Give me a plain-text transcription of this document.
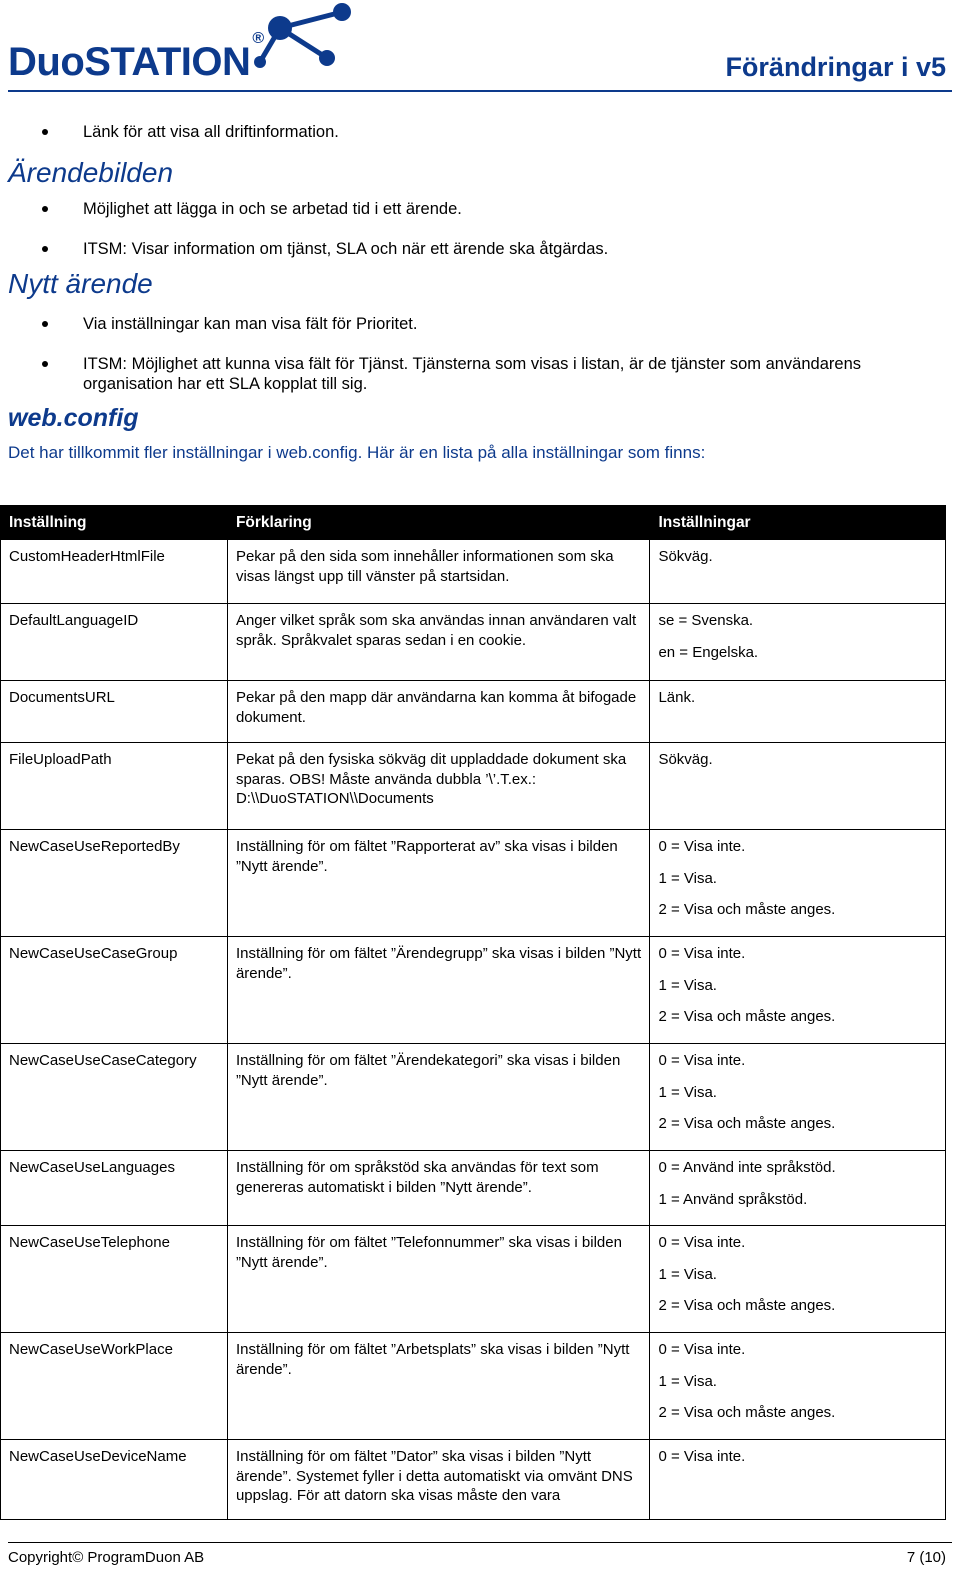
DuoSTATION®
Förändringar i v5
Länk för att visa all driftinformation.
Ärendebilden
Möjlighet att lägga in och se arbetad tid i ett ärende.
ITSM: Visar information om tjänst, SLA och när ett ärende ska åtgärdas.
Nytt ärende
Via inställningar kan man visa fält för Prioritet.
ITSM: Möjlighet att kunna visa fält för Tjänst. Tjänsterna som visas i listan, är de tjänster som användarens organisation har ett SLA kopplat till sig.
web.config

Det har tillkommit fler inställningar i web.config. Här är en lista på alla inställningar som finns:

Inställning	Förklaring	Inställningar
CustomHeaderHtmlFile	Pekar på den sida som innehåller informationen som ska visas längst upp till vänster på startsidan.	Sökväg.

DefaultLanguageID	Anger vilket språk som ska användas innan användaren valt språk. Språkvalet sparas sedan i en cookie.	se = Svenska.
en = Engelska.

DocumentsURL	Pekar på den mapp där användarna kan komma åt bifogade dokument.	Länk.

FileUploadPath	Pekat på den fysiska sökväg dit uppladdade dokument ska sparas. OBS! Måste använda dubbla ’\’.T.ex.: D:\\DuoSTATION\\Documents	Sökväg.

NewCaseUseReportedBy	Inställning för om fältet ”Rapporterat av” ska visas i bilden ”Nytt ärende”.	0 = Visa inte.
1 = Visa.
2 = Visa och måste anges.

NewCaseUseCaseGroup	Inställning för om fältet ”Ärendegrupp” ska visas i bilden ”Nytt ärende”.	0 = Visa inte.
1 = Visa.
2 = Visa och måste anges.

NewCaseUseCaseCategory	Inställning för om fältet ”Ärendekategori” ska visas i bilden ”Nytt ärende”.	0 = Visa inte.
1 = Visa.
2 = Visa och måste anges.

NewCaseUseLanguages	Inställning för om språkstöd ska användas för text som genereras automatiskt i bilden ”Nytt ärende”.	0 = Använd inte språkstöd.
1 = Använd språkstöd.

NewCaseUseTelephone	Inställning för om fältet ”Telefonnummer” ska visas i bilden ”Nytt ärende”.	0 = Visa inte.
1 = Visa.
2 = Visa och måste anges.

NewCaseUseWorkPlace	Inställning för om fältet ”Arbetsplats” ska visas i bilden ”Nytt ärende”.	0 = Visa inte.
1 = Visa.
2 = Visa och måste anges.

NewCaseUseDeviceName	Inställning för om fältet ”Dator” ska visas i bilden ”Nytt ärende”. Systemet fyller i detta automatiskt via omvänt DNS uppslag. För att datorn ska visas måste den vara	0 = Visa inte.
Copyright© ProgramDuon AB	7 (10)
